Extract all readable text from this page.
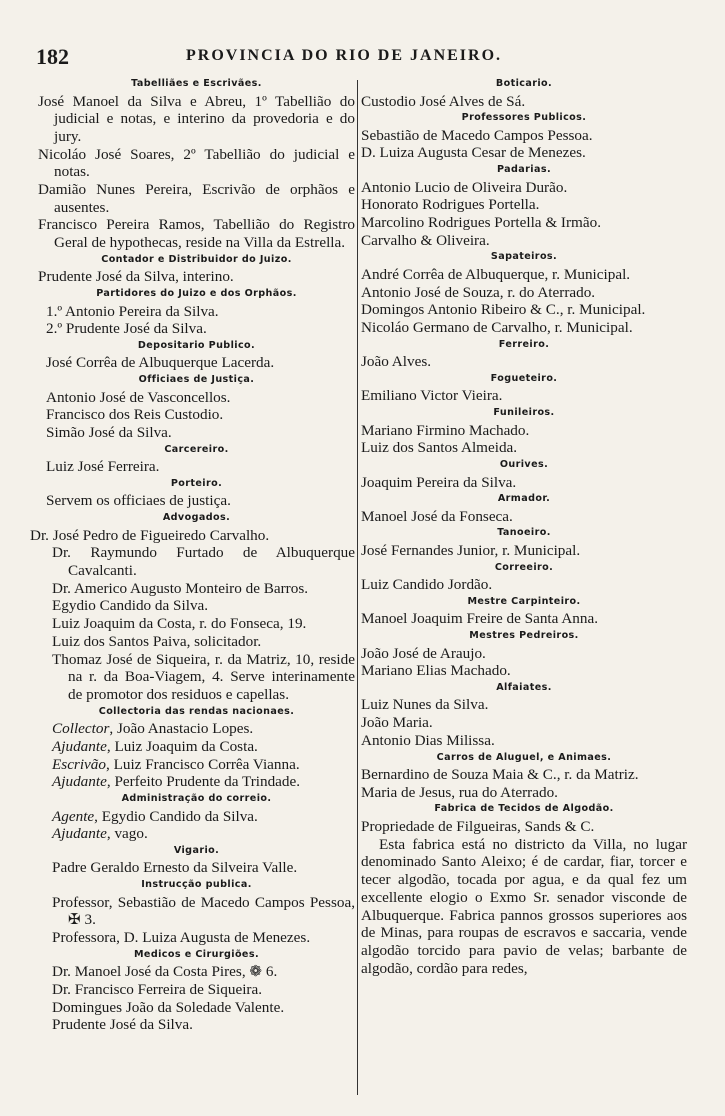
182	PROVINCIA DO RIO DE JANEIRO.
Tabelliães e Escrivães.
José Manoel da Silva e Abreu, 1º Tabellião do judicial e notas, e interino da provedoria e do jury.
Nicoláo José Soares, 2º Tabellião do judicial e notas.
Damião Nunes Pereira, Escrivão de orphãos e ausentes.
Francisco Pereira Ramos, Tabellião do Registro Geral de hypothecas, reside na Villa da Estrella.
Contador e Distribuidor do Juizo.
Prudente José da Silva, interino.
Partidores do Juizo e dos Orphãos.
1.º Antonio Pereira da Silva.
2.º Prudente José da Silva.
Depositario Publico.
José Corrêa de Albuquerque Lacerda.
Officiaes de Justiça.
Antonio José de Vasconcellos.
Francisco dos Reis Custodio.
Simão José da Silva.
Carcereiro.
Luiz José Ferreira.
Porteiro.
Servem os officiaes de justiça.
Advogados.
Dr. José Pedro de Figueiredo Carvalho.
Dr. Raymundo Furtado de Albuquerque Cavalcanti.
Dr. Americo Augusto Monteiro de Barros.
Egydio Candido da Silva.
Luiz Joaquim da Costa, r. do Fonseca, 19.
Luiz dos Santos Paiva, solicitador.
Thomaz José de Siqueira, r. da Matriz, 10, reside na r. da Boa-Viagem, 4. Serve interinamente de promotor dos residuos e capellas.
Collectoria das rendas nacionaes.
Collector, João Anastacio Lopes.
Ajudante, Luiz Joaquim da Costa.
Escrivão, Luiz Francisco Corrêa Vianna.
Ajudante, Perfeito Prudente da Trindade.
Administração do correio.
Agente, Egydio Candido da Silva.
Ajudante, vago.
Vigario.
Padre Geraldo Ernesto da Silveira Valle.
Instrucção publica.
Professor, Sebastião de Macedo Campos Pessoa, ✠ 3.
Professora, D. Luiza Augusta de Menezes.
Medicos e Cirurgiões.
Dr. Manoel José da Costa Pires, ❁ 6.
Dr. Francisco Ferreira de Siqueira.
Domingues João da Soledade Valente.
Prudente José da Silva.
Boticario.
Custodio José Alves de Sá.
Professores Publicos.
Sebastião de Macedo Campos Pessoa.
D. Luiza Augusta Cesar de Menezes.
Padarias.
Antonio Lucio de Oliveira Durão.
Honorato Rodrigues Portella.
Marcolino Rodrigues Portella & Irmão.
Carvalho & Oliveira.
Sapateiros.
André Corrêa de Albuquerque, r. Municipal.
Antonio José de Souza, r. do Aterrado.
Domingos Antonio Ribeiro & C., r. Municipal.
Nicoláo Germano de Carvalho, r. Municipal.
Ferreiro.
João Alves.
Fogueteiro.
Emiliano Victor Vieira.
Funileiros.
Mariano Firmino Machado.
Luiz dos Santos Almeida.
Ourives.
Joaquim Pereira da Silva.
Armador.
Manoel José da Fonseca.
Tanoeiro.
José Fernandes Junior, r. Municipal.
Correeiro.
Luiz Candido Jordão.
Mestre Carpinteiro.
Manoel Joaquim Freire de Santa Anna.
Mestres Pedreiros.
João José de Araujo.
Mariano Elias Machado.
Alfaiates.
Luiz Nunes da Silva.
João Maria.
Antonio Dias Milissa.
Carros de Aluguel, e Animaes.
Bernardino de Souza Maia & C., r. da Matriz.
Maria de Jesus, rua do Aterrado.
Fabrica de Tecidos de Algodão.
Propriedade de Filgueiras, Sands & C.
Esta fabrica está no districto da Villa, no lugar denominado Santo Aleixo; é de cardar, fiar, torcer e tecer algodão, tocada por agua, e da qual fez um excellente elogio o Exmo Sr. senador visconde de Albuquerque. Fabrica pannos grossos superiores aos de Minas, para roupas de escravos e saccaria, vende algodão torcido para pavio de velas; barbante de algodão, cordão para redes,
